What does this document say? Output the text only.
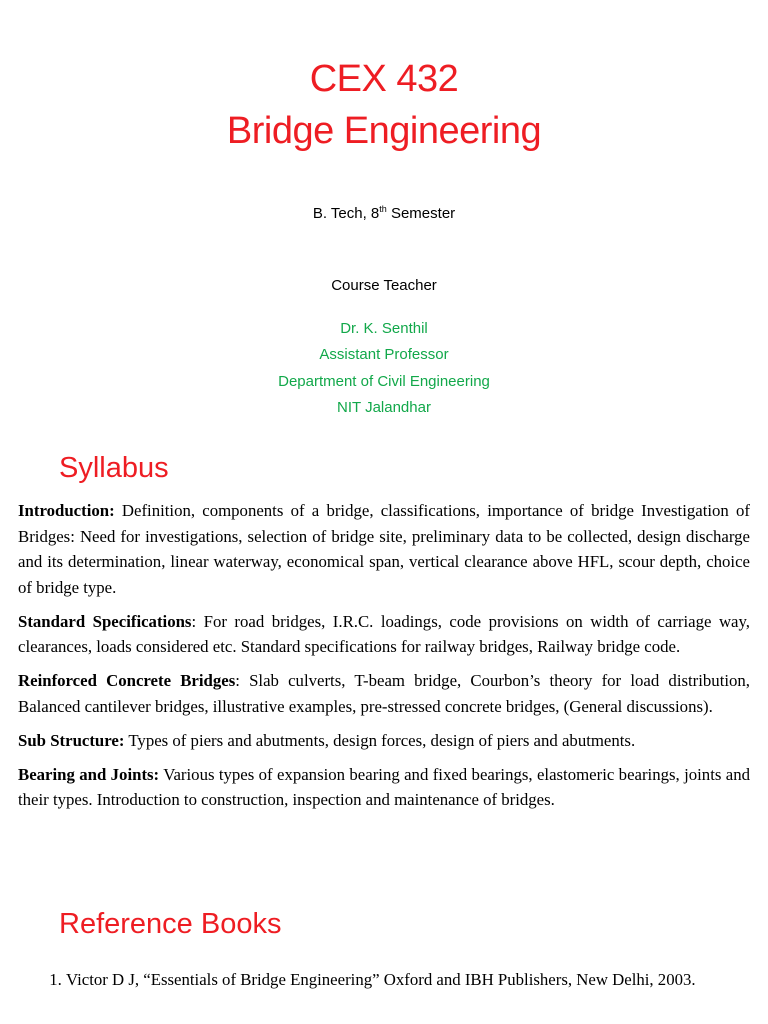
CEX 432
Bridge Engineering
B. Tech, 8th Semester
Course Teacher
Dr. K. Senthil
Assistant Professor
Department of Civil Engineering
NIT Jalandhar
Syllabus

Introduction: Definition, components of a bridge, classifications, importance of bridge Investigation of Bridges: Need for investigations, selection of bridge site, preliminary data to be collected, design discharge and its determination, linear waterway, economical span, vertical clearance above HFL, scour depth, choice of bridge type.

Standard Specifications: For road bridges, I.R.C. loadings, code provisions on width of carriage way, clearances, loads considered etc. Standard specifications for railway bridges, Railway bridge code.

Reinforced Concrete Bridges: Slab culverts, T-beam bridge, Courbon’s theory for load distribution, Balanced cantilever bridges, illustrative examples, pre-stressed concrete bridges, (General discussions).

Sub Structure: Types of piers and abutments, design forces, design of piers and abutments.

Bearing and Joints: Various types of expansion bearing and fixed bearings, elastomeric bearings, joints and their types. Introduction to construction, inspection and maintenance of bridges.

Reference Books
1. Victor D J, “Essentials of Bridge Engineering” Oxford and IBH Publishers, New Delhi, 2003.
